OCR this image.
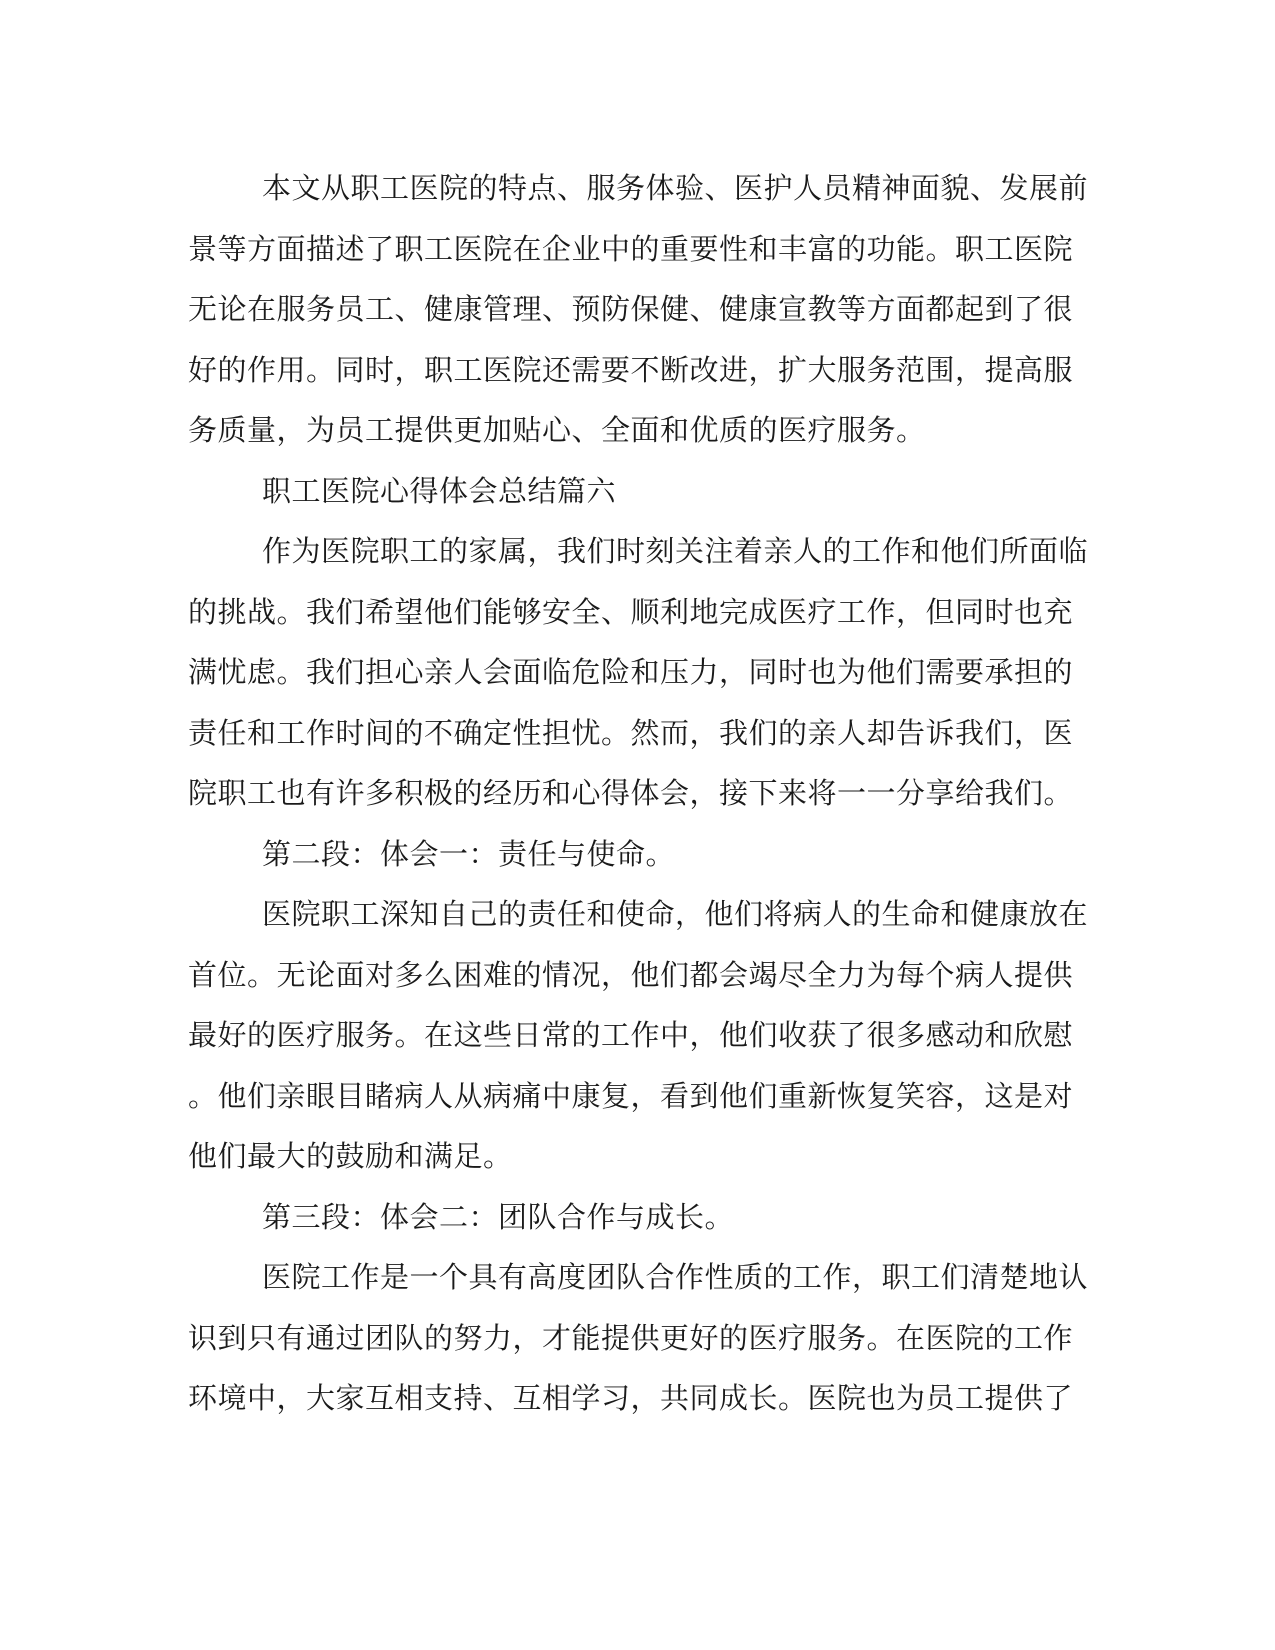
本文从职工医院的特点、服务体验、医护人员精神面貌、发展前
景等方面描述了职工医院在企业中的重要性和丰富的功能。职工医院
无论在服务员工、健康管理、预防保健、健康宣教等方面都起到了很
好的作用。同时，职工医院还需要不断改进，扩大服务范围，提高服
务质量，为员工提供更加贴心、全面和优质的医疗服务。
职工医院心得体会总结篇六
作为医院职工的家属，我们时刻关注着亲人的工作和他们所面临
的挑战。我们希望他们能够安全、顺利地完成医疗工作，但同时也充
满忧虑。我们担心亲人会面临危险和压力，同时也为他们需要承担的
责任和工作时间的不确定性担忧。然而，我们的亲人却告诉我们，医
院职工也有许多积极的经历和心得体会，接下来将一一分享给我们。
第二段：体会一：责任与使命。
医院职工深知自己的责任和使命，他们将病人的生命和健康放在
首位。无论面对多么困难的情况，他们都会竭尽全力为每个病人提供
最好的医疗服务。在这些日常的工作中，他们收获了很多感动和欣慰
。他们亲眼目睹病人从病痛中康复，看到他们重新恢复笑容，这是对
他们最大的鼓励和满足。
第三段：体会二：团队合作与成长。
医院工作是一个具有高度团队合作性质的工作，职工们清楚地认
识到只有通过团队的努力，才能提供更好的医疗服务。在医院的工作
环境中，大家互相支持、互相学习，共同成长。医院也为员工提供了
